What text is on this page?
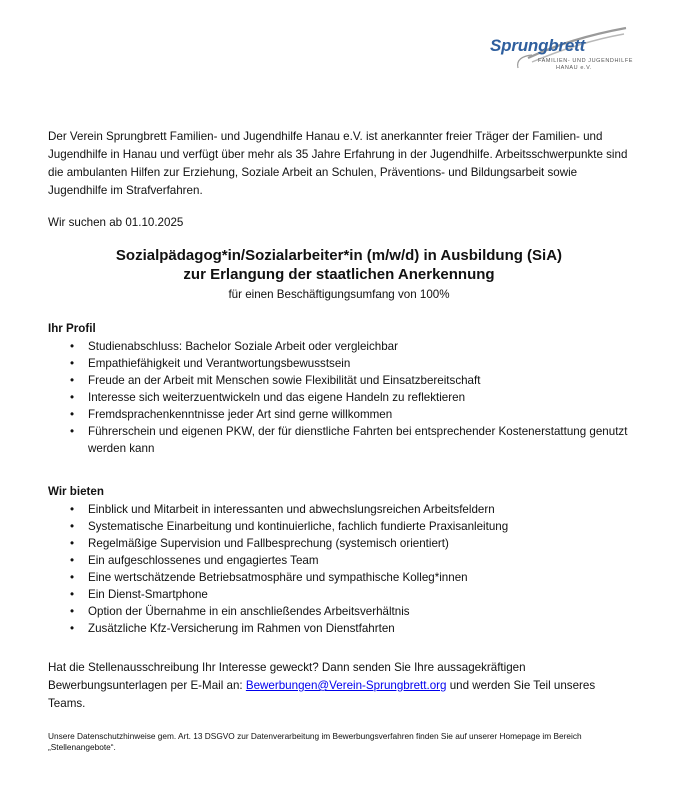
Sprungbrett
FAMILIEN- UND JUGENDHILFE
HANAU e.V.

Der Verein Sprungbrett Familien- und Jugendhilfe Hanau e.V. ist anerkannter freier Träger der Familien- und Jugendhilfe in Hanau und verfügt über mehr als 35 Jahre Erfahrung in der Jugendhilfe. Arbeitsschwerpunkte sind die ambulanten Hilfen zur Erziehung, Soziale Arbeit an Schulen, Präventions- und Bildungsarbeit sowie Jugendhilfe im Strafverfahren.

Wir suchen ab 01.10.2025

Sozialpädagog*in/Sozialarbeiter*in (m/w/d) in Ausbildung (SiA)
zur Erlangung der staatlichen Anerkennung

für einen Beschäftigungsumfang von 100%

Ihr Profil
• Studienabschluss: Bachelor Soziale Arbeit oder vergleichbar
• Empathiefähigkeit und Verantwortungsbewusstsein
• Freude an der Arbeit mit Menschen sowie Flexibilität und Einsatzbereitschaft
• Interesse sich weiterzuentwickeln und das eigene Handeln zu reflektieren
• Fremdsprachenkenntnisse jeder Art sind gerne willkommen
• Führerschein und eigenen PKW, der für dienstliche Fahrten bei entsprechender Kostenerstattung genutzt werden kann
Wir bieten
• Einblick und Mitarbeit in interessanten und abwechslungsreichen Arbeitsfeldern
• Systematische Einarbeitung und kontinuierliche, fachlich fundierte Praxisanleitung
• Regelmäßige Supervision und Fallbesprechung (systemisch orientiert)
• Ein aufgeschlossenes und engagiertes Team
• Eine wertschätzende Betriebsatmosphäre und sympathische Kolleg*innen
• Ein Dienst-Smartphone
• Option der Übernahme in ein anschließendes Arbeitsverhältnis
• Zusätzliche Kfz-Versicherung im Rahmen von Dienstfahrten

Hat die Stellenausschreibung Ihr Interesse geweckt? Dann senden Sie Ihre aussagekräftigen Bewerbungsunterlagen per E-Mail an: Bewerbungen@Verein-Sprungbrett.org und werden Sie Teil unseres Teams.

Unsere Datenschutzhinweise gem. Art. 13 DSGVO zur Datenverarbeitung im Bewerbungsverfahren finden Sie auf unserer Homepage im Bereich „Stellenangebote“.
